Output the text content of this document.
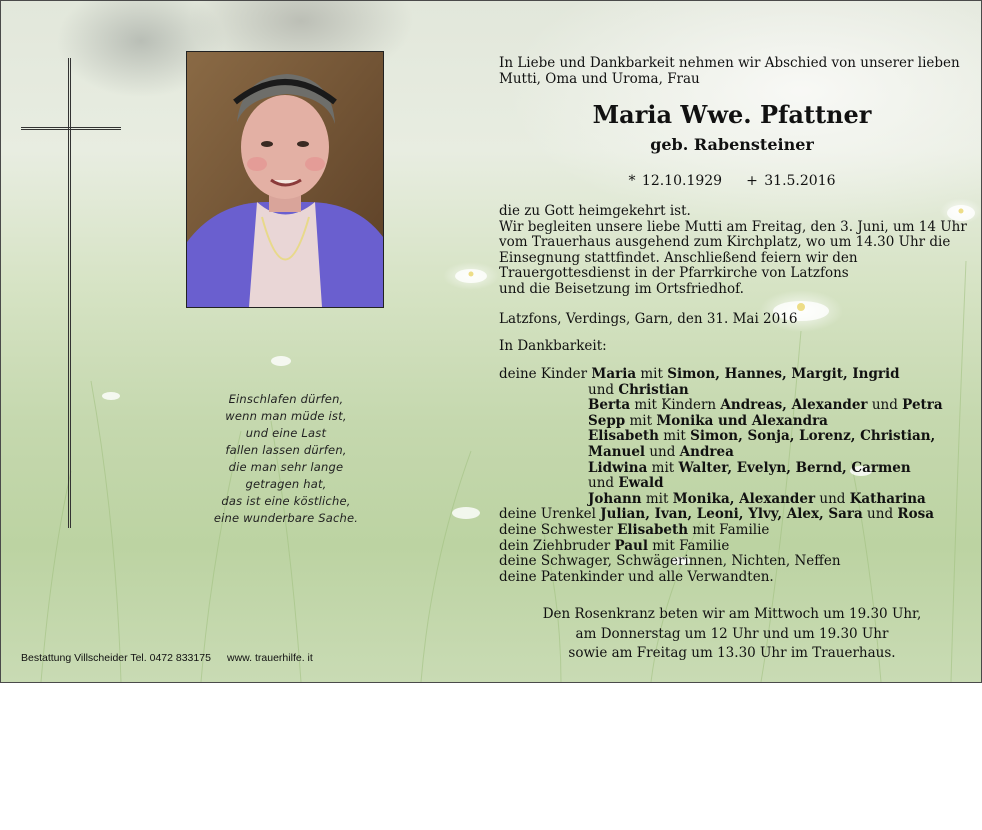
Einschlafen dürfen,
wenn man müde ist,
und eine Last
fallen lassen dürfen,
die man sehr lange
getragen hat,
das ist eine köstliche,
eine wunderbare Sache.
Bestattung Villscheider Tel. 0472 833175 www. trauerhilfe. it
In Liebe und Dankbarkeit nehmen wir Abschied von unserer lieben
Mutti, Oma und Uroma, Frau
Maria Wwe. Pfattner
geb. Rabensteiner
* 12.10.1929 + 31.5.2016
die zu Gott heimgekehrt ist.
Wir begleiten unsere liebe Mutti am Freitag, den 3. Juni, um 14 Uhr
vom Trauerhaus ausgehend zum Kirchplatz, wo um 14.30 Uhr die
Einsegnung stattfindet. Anschließend feiern wir den
Trauergottesdienst in der Pfarrkirche von Latzfons
und die Beisetzung im Ortsfriedhof.
Latzfons, Verdings, Garn, den 31. Mai 2016
In Dankbarkeit:
deine Kinder Maria mit Simon, Hannes, Margit, Ingrid
und Christian
Berta mit Kindern Andreas, Alexander und Petra
Sepp mit Monika und Alexandra
Elisabeth mit Simon, Sonja, Lorenz, Christian,
Manuel und Andrea
Lidwina mit Walter, Evelyn, Bernd, Carmen
und Ewald
Johann mit Monika, Alexander und Katharina
deine Urenkel Julian, Ivan, Leoni, Ylvy, Alex, Sara und Rosa
deine Schwester Elisabeth mit Familie
dein Ziehbruder Paul mit Familie
deine Schwager, Schwägerinnen, Nichten, Neffen
deine Patenkinder und alle Verwandten.
Den Rosenkranz beten wir am Mittwoch um 19.30 Uhr,
am Donnerstag um 12 Uhr und um 19.30 Uhr
sowie am Freitag um 13.30 Uhr im Trauerhaus.
